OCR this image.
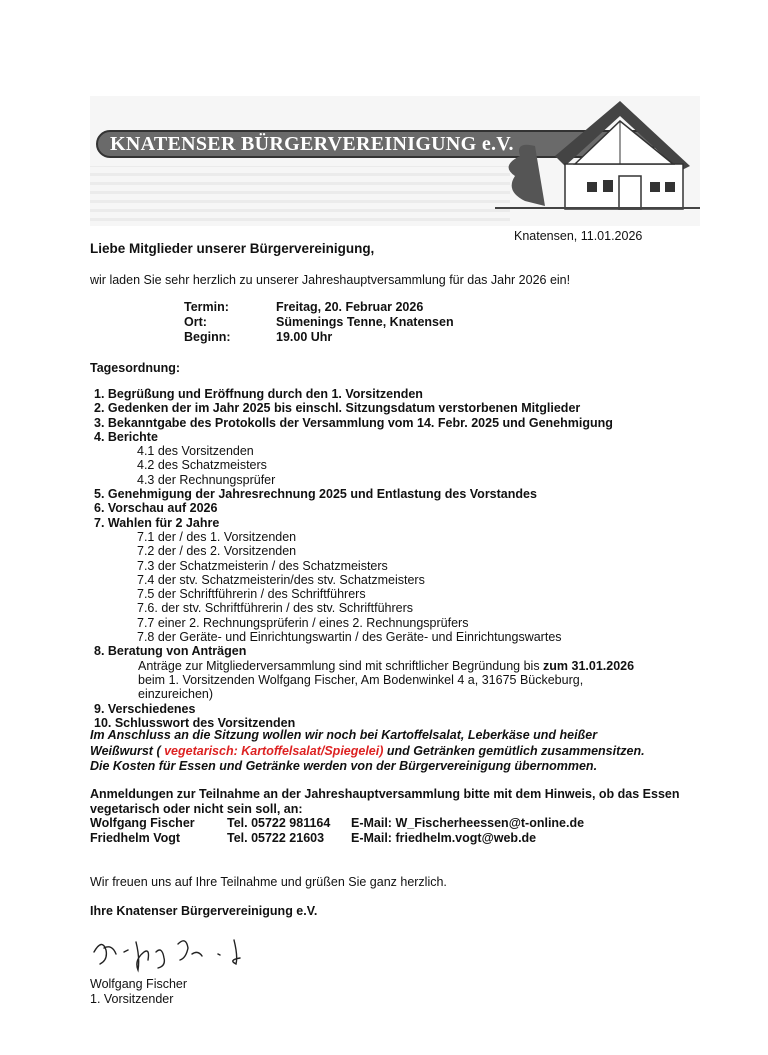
KNATENSER BÜRGERVEREINIGUNG e.V.
Knatensen, 11.01.2026
Liebe Mitglieder unserer Bürgervereinigung,
wir laden Sie sehr herzlich zu unserer Jahreshauptversammlung für das Jahr 2026 ein!
Termin:	Freitag, 20. Februar 2026
Ort:	Sümenings Tenne, Knatensen
Beginn:	19.00 Uhr
Tagesordnung:
1. Begrüßung und Eröffnung durch den 1. Vorsitzenden
2. Gedenken der im Jahr 2025 bis einschl. Sitzungsdatum verstorbenen Mitglieder
3. Bekanntgabe des Protokolls der Versammlung vom 14. Febr. 2025 und Genehmigung
4. Berichte
4.1 des Vorsitzenden
4.2 des Schatzmeisters
4.3 der Rechnungsprüfer
5. Genehmigung der Jahresrechnung 2025 und Entlastung des Vorstandes
6. Vorschau auf 2026
7. Wahlen für 2 Jahre
7.1 der / des 1. Vorsitzenden
7.2 der / des 2. Vorsitzenden
7.3 der Schatzmeisterin / des Schatzmeisters
7.4 der stv. Schatzmeisterin/des stv. Schatzmeisters
7.5 der Schriftführerin / des Schriftführers
7.6. der stv. Schriftführerin / des stv. Schriftführers
7.7 einer 2. Rechnungsprüferin / eines 2. Rechnungsprüfers
7.8 der Geräte- und Einrichtungswartin / des Geräte- und Einrichtungswartes
8. Beratung von Anträgen
Anträge zur Mitgliederversammlung sind mit schriftlicher Begründung bis zum 31.01.2026
beim 1. Vorsitzenden Wolfgang Fischer, Am Bodenwinkel 4 a, 31675 Bückeburg,
einzureichen)
9. Verschiedenes
10. Schlusswort des Vorsitzenden
Im Anschluss an die Sitzung wollen wir noch bei Kartoffelsalat, Leberkäse und heißer
Weißwurst ( vegetarisch: Kartoffelsalat/Spiegelei) und Getränken gemütlich zusammensitzen.
Die Kosten für Essen und Getränke werden von der Bürgervereinigung übernommen.
Anmeldungen zur Teilnahme an der Jahreshauptversammlung bitte mit dem Hinweis, ob das Essen vegetarisch oder nicht sein soll, an:
Wolfgang Fischer	Tel. 05722 981164	E-Mail: W_Fischerheessen@t-online.de
Friedhelm Vogt	Tel. 05722 21603	E-Mail: friedhelm.vogt@web.de
Wir freuen uns auf Ihre Teilnahme und grüßen Sie ganz herzlich.
Ihre Knatenser Bürgervereinigung e.V.
Wolfgang Fischer
1. Vorsitzender
